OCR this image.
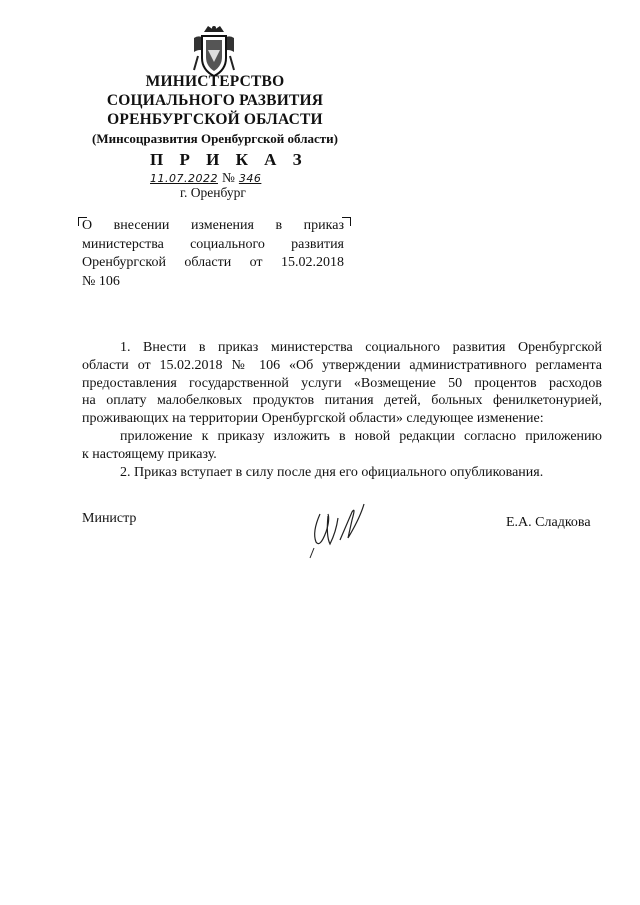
МИНИСТЕРСТВО
СОЦИАЛЬНОГО РАЗВИТИЯ
ОРЕНБУРГСКОЙ ОБЛАСТИ
(Минсоцразвития Оренбургской области)
П Р И К А З
11.07.2022 № 346
г. Оренбург
О внесении изменения в приказ
министерства социального развития
Оренбургской области от 15.02.2018
№ 106
1. Внести в приказ министерства социального развития Оренбургской
области от 15.02.2018 № 106 «Об утверждении административного регламента
предоставления государственной услуги «Возмещение 50 процентов расходов
на оплату малобелковых продуктов питания детей, больных фенилкетонурией,
проживающих на территории Оренбургской области» следующее изменение:
приложение к приказу изложить в новой редакции согласно приложению
к настоящему приказу.
2. Приказ вступает в силу после дня его официального опубликования.
Министр	Е.А. Сладкова
